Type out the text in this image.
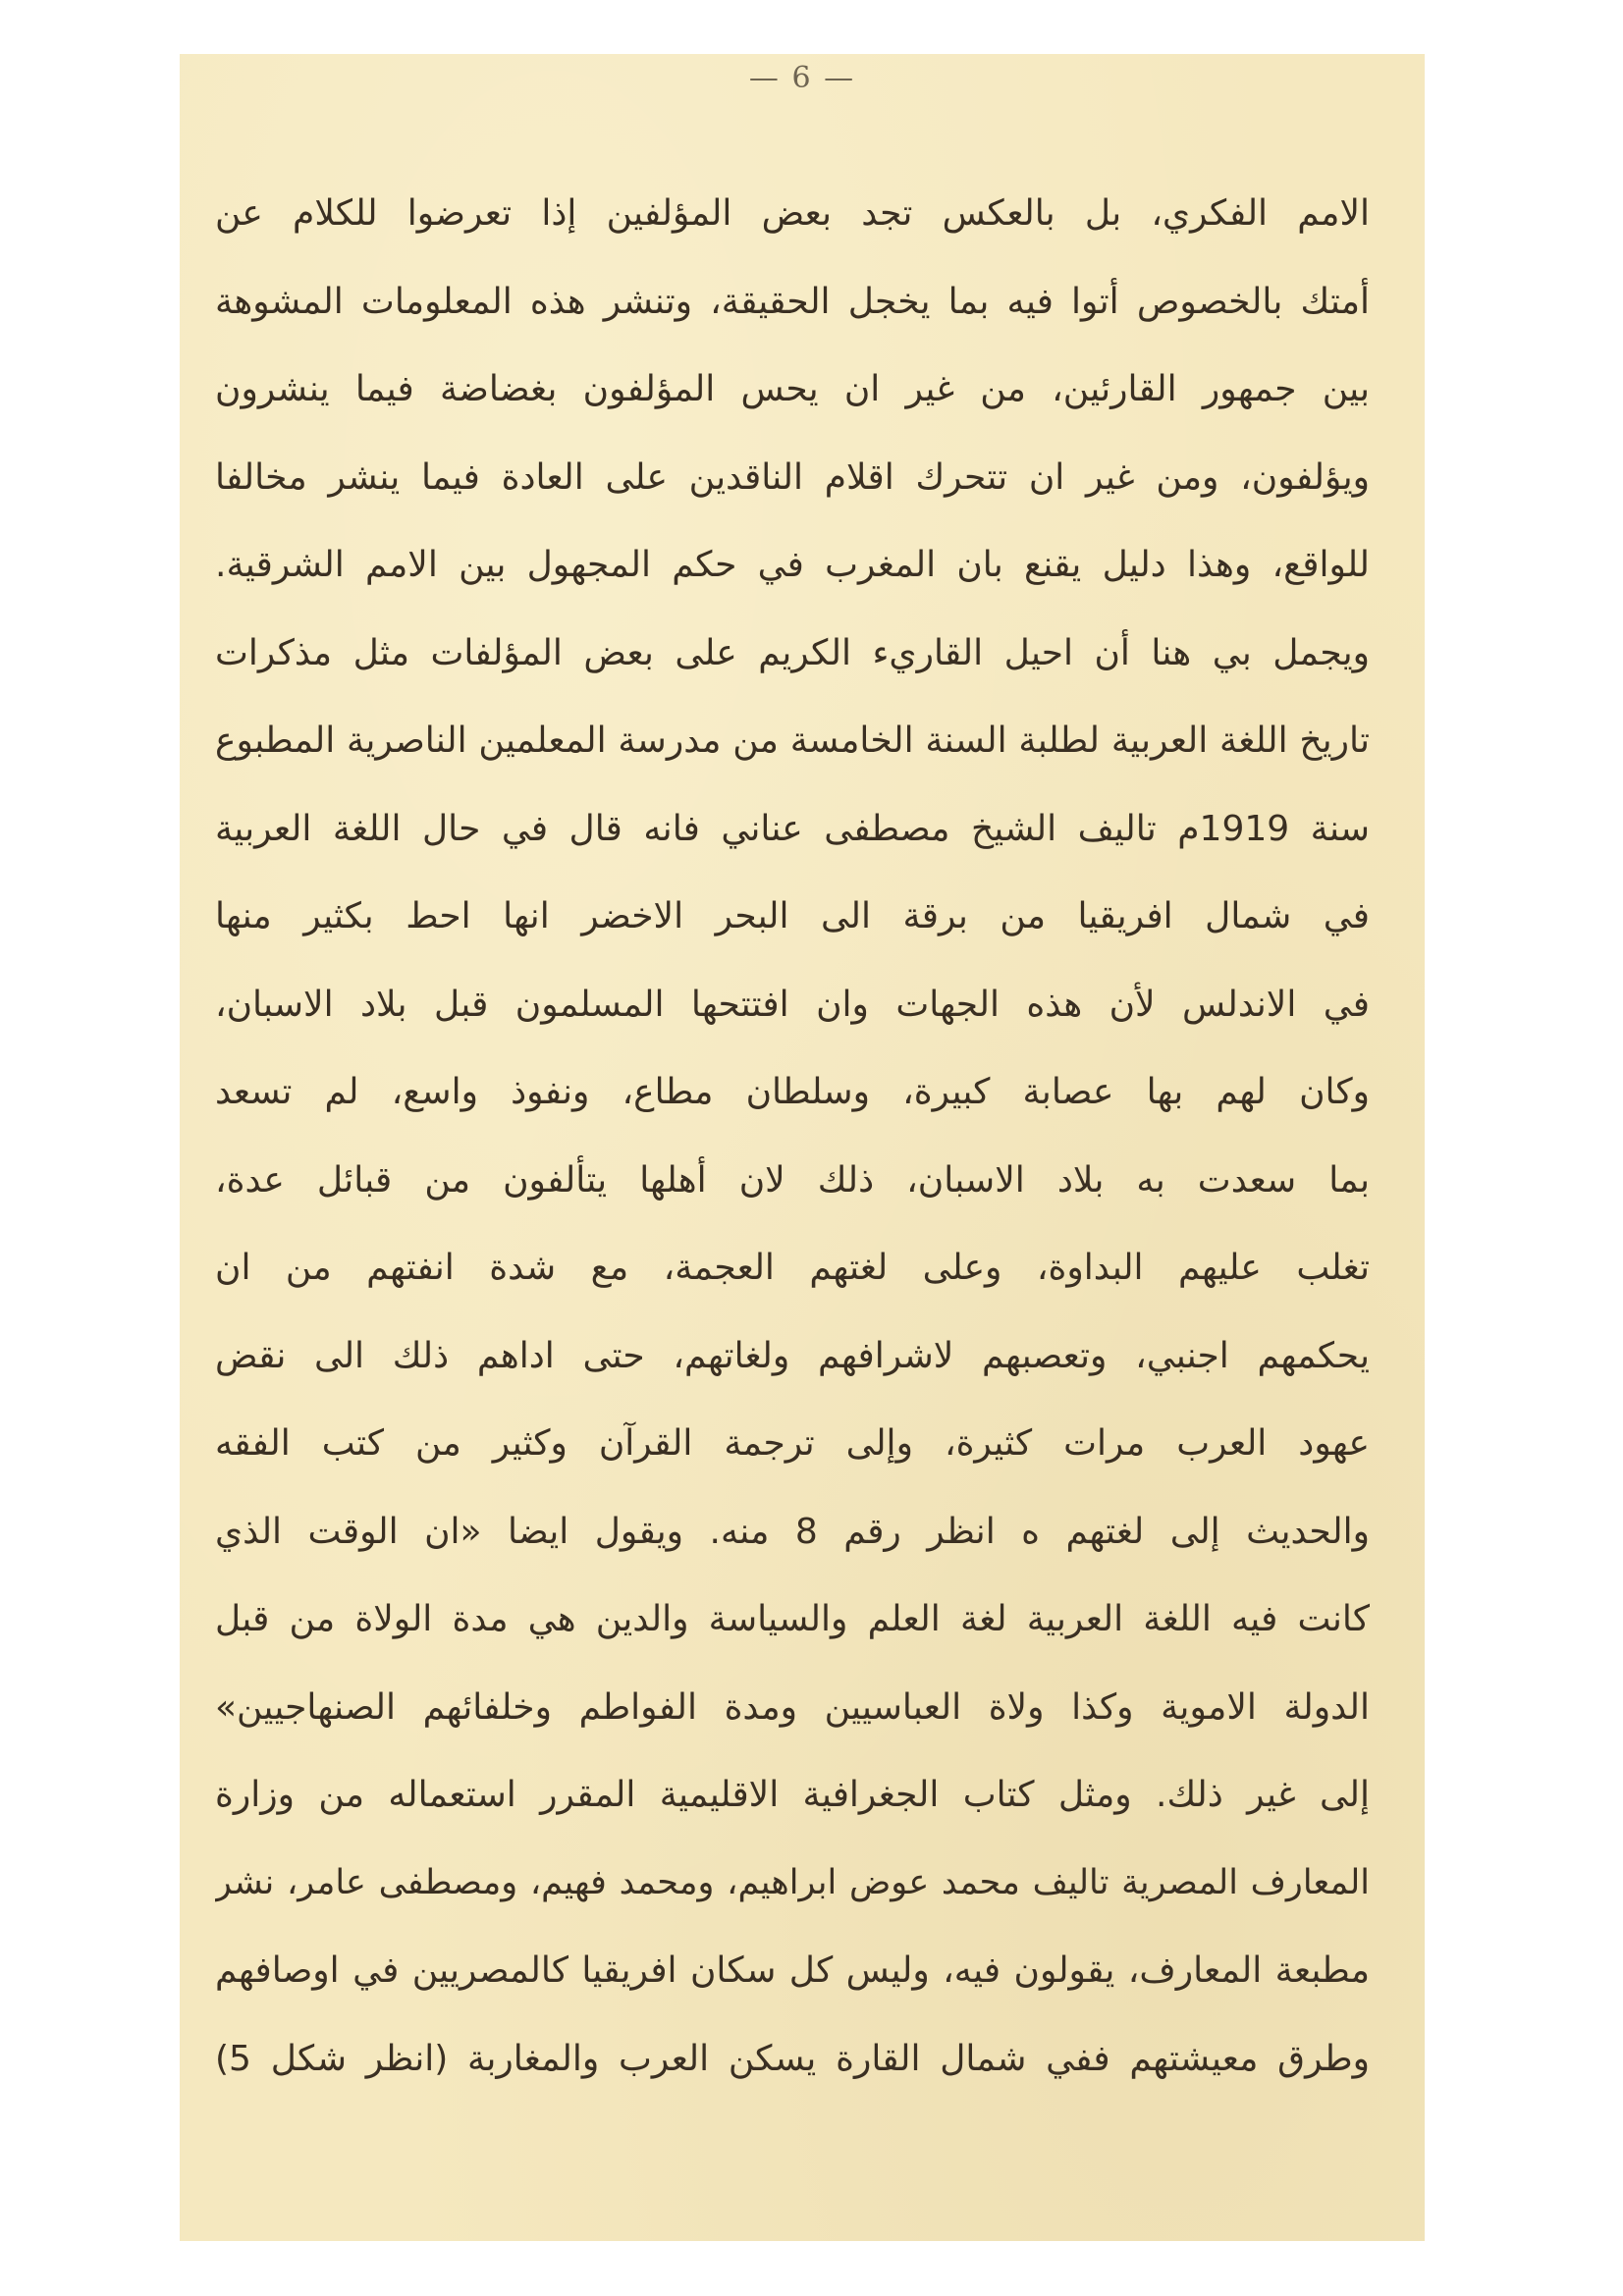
— 6 —
الامم الفكري، بل بالعكس تجد بعض المؤلفين إذا تعرضوا للكلام عن
أمتك بالخصوص أتوا فيه بما يخجل الحقيقة، وتنشر هذه المعلومات المشوهة
بين جمهور القارئين، من غير ان يحس المؤلفون بغضاضة فيما ينشرون
ويؤلفون، ومن غير ان تتحرك اقلام الناقدين على العادة فيما ينشر مخالفا
للواقع، وهذا دليل يقنع بان المغرب في حكم المجهول بين الامم الشرقية.
ويجمل بي هنا أن احيل القاريء الكريم على بعض المؤلفات مثل مذكرات
تاريخ اللغة العربية لطلبة السنة الخامسة من مدرسة المعلمين الناصرية المطبوع
سنة 1919م تاليف الشيخ مصطفى عناني فانه قال في حال اللغة العربية
في شمال افريقيا من برقة الى البحر الاخضر انها احط بكثير منها
في الاندلس لأن هذه الجهات وان افتتحها المسلمون قبل بلاد الاسبان،
وكان لهم بها عصابة كبيرة، وسلطان مطاع، ونفوذ واسع، لم تسعد
بما سعدت به بلاد الاسبان، ذلك لان أهلها يتألفون من قبائل عدة،
تغلب عليهم البداوة، وعلى لغتهم العجمة، مع شدة انفتهم من ان
يحكمهم اجنبي، وتعصبهم لاشرافهم ولغاتهم، حتى اداهم ذلك الى نقض
عهود العرب مرات كثيرة، وإلى ترجمة القرآن وكثير من كتب الفقه
والحديث إلى لغتهم ه انظر رقم 8 منه. ويقول ايضا «ان الوقت الذي
كانت فيه اللغة العربية لغة العلم والسياسة والدين هي مدة الولاة من قبل
الدولة الاموية وكذا ولاة العباسيين ومدة الفواطم وخلفائهم الصنهاجيين»
إلى غير ذلك. ومثل كتاب الجغرافية الاقليمية المقرر استعماله من وزارة
المعارف المصرية تاليف محمد عوض ابراهيم، ومحمد فهيم، ومصطفى عامر، نشر
مطبعة المعارف، يقولون فيه، وليس كل سكان افريقيا كالمصريين في اوصافهم
وطرق معيشتهم ففي شمال القارة يسكن العرب والمغاربة (انظر شكل 5)
